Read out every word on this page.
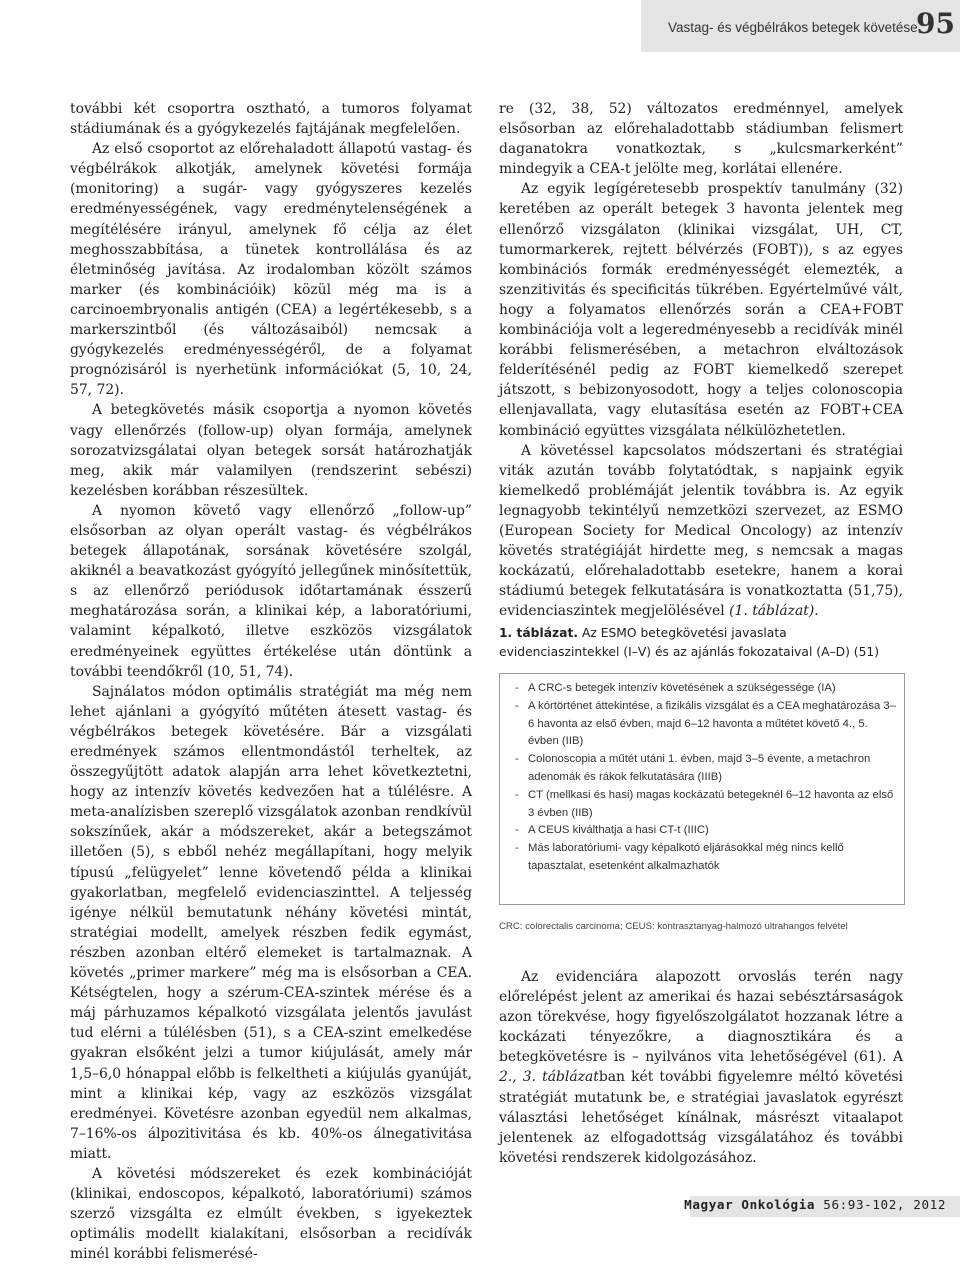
Vastag- és végbélrákos betegek követése
95

további két csoportra osztható, a tumoros folyamat stádiumának és a gyógykezelés fajtájának megfelelően.

Az első csoportot az előrehaladott állapotú vastag- és végbélrákok alkotják, amelynek követési formája (monitoring) a sugár- vagy gyógyszeres kezelés eredményességének, vagy eredménytelenségének a megítélésére irányul, amelynek fő célja az élet meghosszabbítása, a tünetek kontrollálása és az életminőség javítása. Az irodalomban közölt számos marker (és kombinációik) közül még ma is a carcinoembryonalis antigén (CEA) a legértékesebb, s a markerszintből (és változásaiból) nemcsak a gyógykezelés eredményességéről, de a folyamat prognózisáról is nyerhetünk információkat (5, 10, 24, 57, 72).

A betegkövetés másik csoportja a nyomon követés vagy ellenőrzés (follow-up) olyan formája, amelynek sorozatvizsgálatai olyan betegek sorsát határozhatják meg, akik már valamilyen (rendszerint sebészi) kezelésben korábban részesültek.

A nyomon követő vagy ellenőrző „follow-up” elsősorban az olyan operált vastag- és végbélrákos betegek állapotának, sorsának követésére szolgál, akiknél a beavatkozást gyógyító jellegűnek minősítettük, s az ellenőrző periódusok időtartamának ésszerű meghatározása során, a klinikai kép, a laboratóriumi, valamint képalkotó, illetve eszközös vizsgálatok eredményeinek együttes értékelése után döntünk a további teendőkről (10, 51, 74).

Sajnálatos módon optimális stratégiát ma még nem lehet ajánlani a gyógyító műtéten átesett vastag- és végbélrákos betegek követésére. Bár a vizsgálati eredmények számos ellentmondástól terheltek, az összegyűjtött adatok alapján arra lehet következtetni, hogy az intenzív követés kedvezően hat a túlélésre. A meta-analízisben szereplő vizsgálatok azonban rendkívül sokszínűek, akár a módszereket, akár a betegszámot illetően (5), s ebből nehéz megállapítani, hogy melyik típusú „felügyelet” lenne követendő példa a klinikai gyakorlatban, megfelelő evidenciaszinttel. A teljesség igénye nélkül bemutatunk néhány követési mintát, stratégiai modellt, amelyek részben fedik egymást, részben azonban eltérő elemeket is tartalmaznak. A követés „primer markere” még ma is elsősorban a CEA. Kétségtelen, hogy a szérum-CEA-szintek mérése és a máj párhuzamos képalkotó vizsgálata jelentős javulást tud elérni a túlélésben (51), s a CEA-szint emelkedése gyakran elsőként jelzi a tumor kiújulását, amely már 1,5–6,0 hónappal előbb is felkeltheti a kiújulás gyanúját, mint a klinikai kép, vagy az eszközös vizsgálat eredményei. Követésre azonban egyedül nem alkalmas, 7–16%-os álpozitivitása és kb. 40%-os álnegativitása miatt.

A követési módszereket és ezek kombinációját (klinikai, endoscopos, képalkotó, laboratóriumi) számos szerző vizsgálta ez elmúlt években, s igyekeztek optimális modellt kialakítani, elsősorban a recidívák minél korábbi felismerésé-

re (32, 38, 52) változatos eredménnyel, amelyek elsősorban az előrehaladottabb stádiumban felismert daganatokra vonatkoztak, s „kulcsmarkerként” mindegyik a CEA-t jelölte meg, korlátai ellenére.

Az egyik legígéretesebb prospektív tanulmány (32) keretében az operált betegek 3 havonta jelentek meg ellenőrző vizsgálaton (klinikai vizsgálat, UH, CT, tumormarkerek, rejtett bélvérzés (FOBT)), s az egyes kombinációs formák eredményességét elemezték, a szenzitivitás és specificitás tükrében. Egyértelművé vált, hogy a folyamatos ellenőrzés során a CEA+FOBT kombinációja volt a legeredményesebb a recidívák minél korábbi felismerésében, a metachron elváltozások felderítésénél pedig az FOBT kiemelkedő szerepet játszott, s bebizonyosodott, hogy a teljes colonoscopia ellenjavallata, vagy elutasítása esetén az FOBT+CEA kombináció együttes vizsgálata nélkülözhetetlen.

A követéssel kapcsolatos módszertani és stratégiai viták azután tovább folytatódtak, s napjaink egyik kiemelkedő problémáját jelentik továbbra is. Az egyik legnagyobb tekintélyű nemzetközi szervezet, az ESMO (European Society for Medical Oncology) az intenzív követés stratégiáját hirdette meg, s nemcsak a magas kockázatú, előrehaladottabb esetekre, hanem a korai stádiumú betegek felkutatására is vonatkoztatta (51,75), evidenciaszintek megjelölésével (1. táblázat).

Az evidenciára alapozott orvoslás terén nagy előrelépést jelent az amerikai és hazai sebésztársaságok azon törekvése, hogy figyelőszolgálatot hozzanak létre a kockázati tényezőkre, a diagnosztikára és a betegkövetésre is – nyilvános vita lehetőségével (61). A 2., 3. táblázatban két további figyelemre méltó követési stratégiát mutatunk be, e stratégiai javaslatok egyrészt választási lehetőséget kínálnak, másrészt vitaalapot jelentenek az elfogadottság vizsgálatához és további követési rendszerek kidolgozásához.

1. táblázat. Az ESMO betegkövetési javaslata evidenciaszintekkel (I–V) és az ajánlás fokozataival (A–D) (51)
- A CRC-s betegek intenzív követésének a szükségessége (IA)
- A kórtörténet áttekintése, a fizikális vizsgálat és a CEA meghatározása 3–6 havonta az első évben, majd 6–12 havonta a műtétet követő 4., 5. évben (IIB)
- Colonoscopia a műtét utáni 1. évben, majd 3–5 évente, a metachron adenomák és rákok felkutatására (IIIB)
- CT (mellkasi és hasi) magas kockázatú betegeknél 6–12 havonta az első 3 évben (IIB)
- A CEUS kiválthatja a hasi CT-t (IIIC)
- Más laboratóriumi- vagy képalkotó eljárásokkal még nincs kellő tapasztalat, esetenként alkalmazhatók
CRC: colorectalis carcinoma; CEUS: kontrasztanyag-halmozó ultrahangos felvétel
Magyar Onkológia 56:93-102, 2012
